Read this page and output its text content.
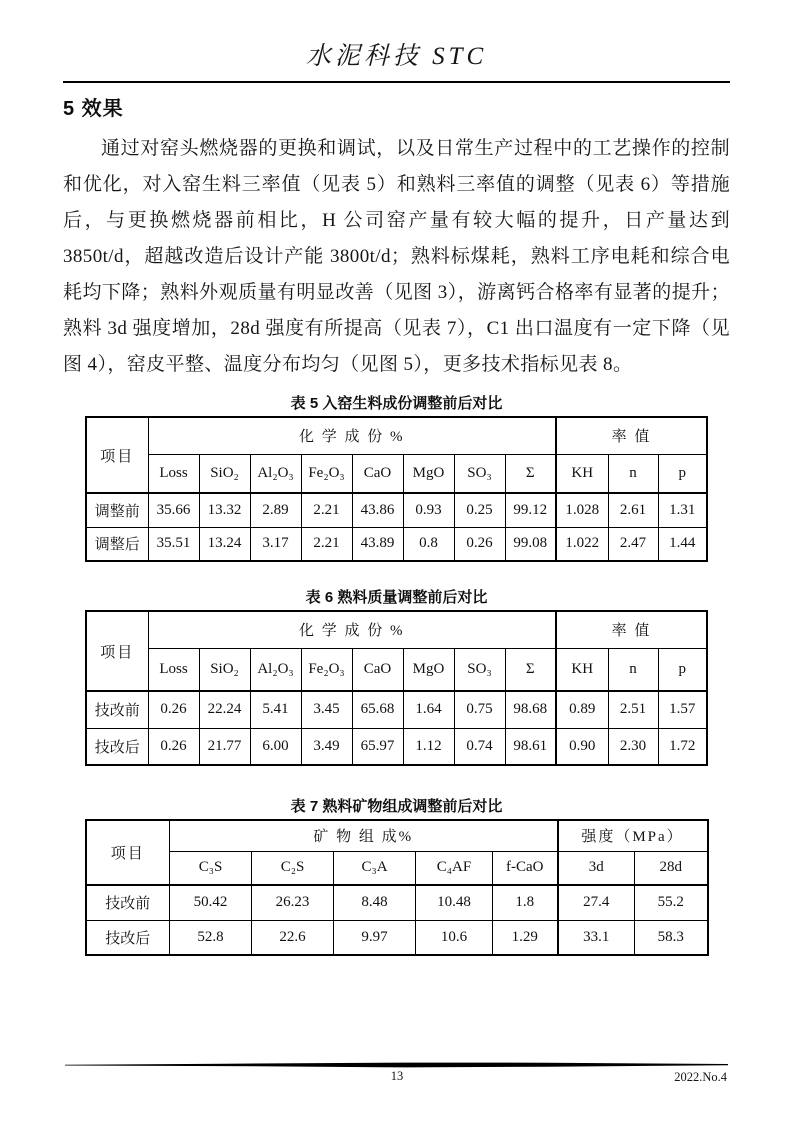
水泥科技 STC
5 效果
通过对窑头燃烧器的更换和调试，以及日常生产过程中的工艺操作的控制和优化，对入窑生料三率值（见表 5）和熟料三率值的调整（见表 6）等措施后，与更换燃烧器前相比，H 公司窑产量有较大幅的提升，日产量达到 3850t/d，超越改造后设计产能 3800t/d；熟料标煤耗，熟料工序电耗和综合电耗均下降；熟料外观质量有明显改善（见图 3），游离钙合格率有显著的提升；熟料 3d 强度增加，28d 强度有所提高（见表 7），C1 出口温度有一定下降（见图 4），窑皮平整、温度分布均匀（见图 5），更多技术指标见表 8。
表 5 入窑生料成份调整前后对比
项目	化 学 成 份 %								率 值		
	Loss	SiO₂	Al₂O₃	Fe₂O₃	CaO	MgO	SO₃	Σ	KH	n	p
调整前	35.66	13.32	2.89	2.21	43.86	0.93	0.25	99.12	1.028	2.61	1.31
调整后	35.51	13.24	3.17	2.21	43.89	0.8	0.26	99.08	1.022	2.47	1.44
表 6 熟料质量调整前后对比
项目	化 学 成 份 %								率 值		
	Loss	SiO₂	Al₂O₃	Fe₂O₃	CaO	MgO	SO₃	Σ	KH	n	p
技改前	0.26	22.24	5.41	3.45	65.68	1.64	0.75	98.68	0.89	2.51	1.57
技改后	0.26	21.77	6.00	3.49	65.97	1.12	0.74	98.61	0.90	2.30	1.72
表 7 熟料矿物组成调整前后对比
项目	矿 物 组 成%					强度（MPa）	
	C₃S	C₂S	C₃A	C₄AF	f-CaO	3d	28d
技改前	50.42	26.23	8.48	10.48	1.8	27.4	55.2
技改后	52.8	22.6	9.97	10.6	1.29	33.1	58.3
13	2022.No.4
